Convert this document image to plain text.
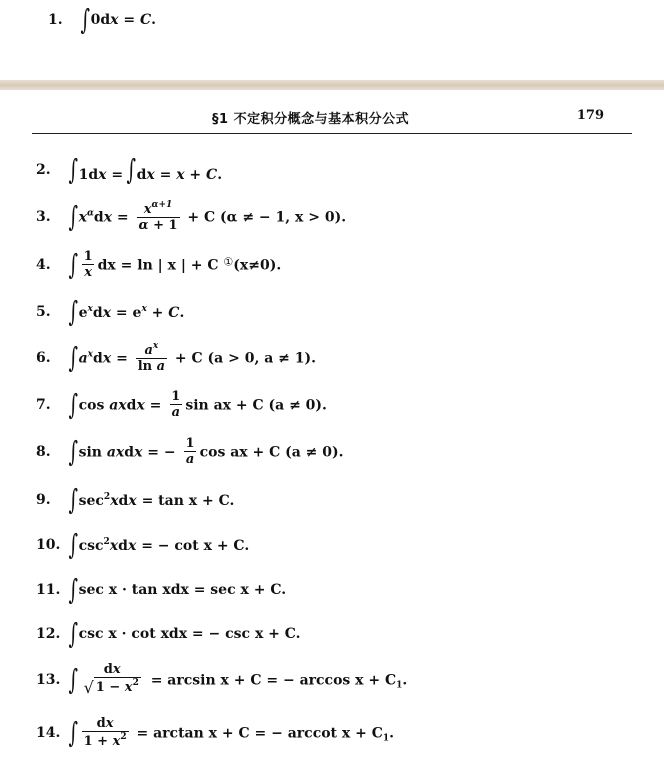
1. ∫ 0dx = C.
§1 不定积分概念与基本积分公式	179
2. ∫ 1dx = ∫dx = x + C.
3. ∫ $x^\alpha dx = \frac{x^{\alpha+1}}{\alpha + 1} + C$ (α ≠ − 1, x > 0).
4. ∫ $\frac{1}{x}$ dx = ln | x | + C ①(x≠0).
5. ∫ $e^xdx = e^x + C$.
6. ∫ $a^xdx = \frac{a^x}{\text{ln a}} + C$ (a > 0, a ≠ 1).
7. ∫ cos axdx = $\frac{1}{a}$ sin ax + C (a ≠ 0).
8. ∫ sin axdx = − $\frac{1}{a}$ cos ax + C (a ≠ 0).
9. ∫ $\sec^2xdx = \tan x + C$.
10. ∫ $\csc^2xdx$ = − cot x + C.
11. ∫ sec x · tan xdx = sec x + C.
12. ∫ csc x · cot xdx = − csc x + C.
13. ∫ dx
√ $1 - x^2 = \arcsin x + C$ = − $\arccos x + C_1$.
14. ∫ $\frac{dx}{1 + x^2} = \arctan x + C$ = − arccot $x + C_1$.
